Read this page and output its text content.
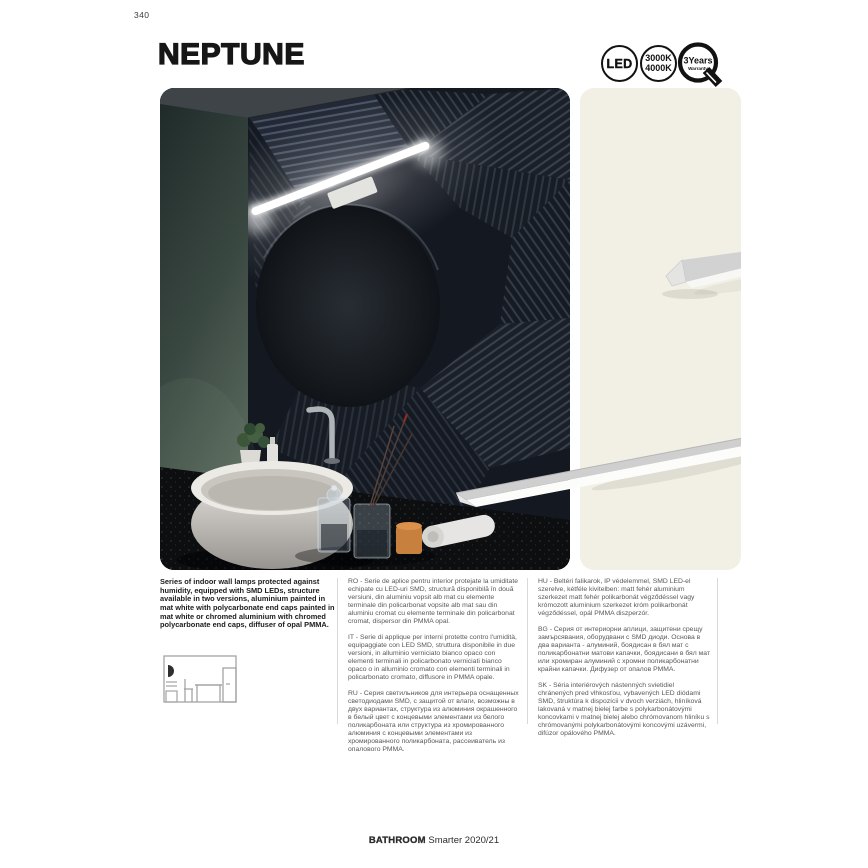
340
NEPTUNE	LED 3000K
4000K
3Years
Warranty

Series of indoor wall lamps protected against humidity, equipped with SMD LEDs, structure available in two versions, aluminium painted in mat white with polycarbonate end caps painted in mat white or chromed aluminium with chromed polycarbonate end caps, diffuser of opal PMMA.

RO - Serie de aplice pentru interior protejate la umiditate echipate cu LED-uri SMD, structură disponibilă în două versiuni, din aluminiu vopsit alb mat cu elemente terminale din policarbonat vopsite alb mat sau din aluminiu cromat cu elemente terminale din policarbonat cromat, dispersor din PMMA opal.

IT - Serie di applique per interni protette contro l'umidità, equipaggiate con LED SMD, struttura disponibile in due versioni, in alluminio verniciato bianco opaco con elementi terminali in policarbonato verniciati bianco opaco o in alluminio cromato con elementi terminali in policarbonato cromato, diffusore in PMMA opale.

RU - Серия светильников для интерьера оснащенных светодиодами SMD, с защитой от влаги, возможны в двух вариантах, структура из алюминия окрашенного в белый цвет с концевыми элементами из белого поликарбоната или структура из хромированного алюминия с концевыми элементами из хромированного поликарбоната, рассеиватель из опалового PMMA.

HU - Beltéri falikarok, IP védelemmel, SMD LED-el szerelve, kétféle kivitelben: matt fehér aluminium szerkezet matt fehér polikarbonát végződéssel vagy krómozott aluminium szerkezet króm polikarbonát végződéssel, opál PMMA diszperzór.

BG - Серия от интериорни аплици, защитени срещу замърсявания, оборудвани с SMD диоди. Основа в два варианта - алуминий, боядисан в бял мат с поликарбонатни матови капачки, боядисани в бял мат или хромиран алуминий с хромни поликарбонатни крайни капачки. Дифузер от опалов PMMA.

SK - Séria interiérových nástenných svietidiel chránených pred vlhkosťou, vybavených LED diódami SMD, štruktúra k dispozícii v dvoch verziách, hliníková lakovaná v matnej bielej farbe s polykarbonátovými koncovkami v matnej bielej alebo chrómovanom hliníku s chrómovanými polykarbonátovými koncovými uzávermi, difúzor opálového PMMA.

BATHROOM Smarter 2020/21
